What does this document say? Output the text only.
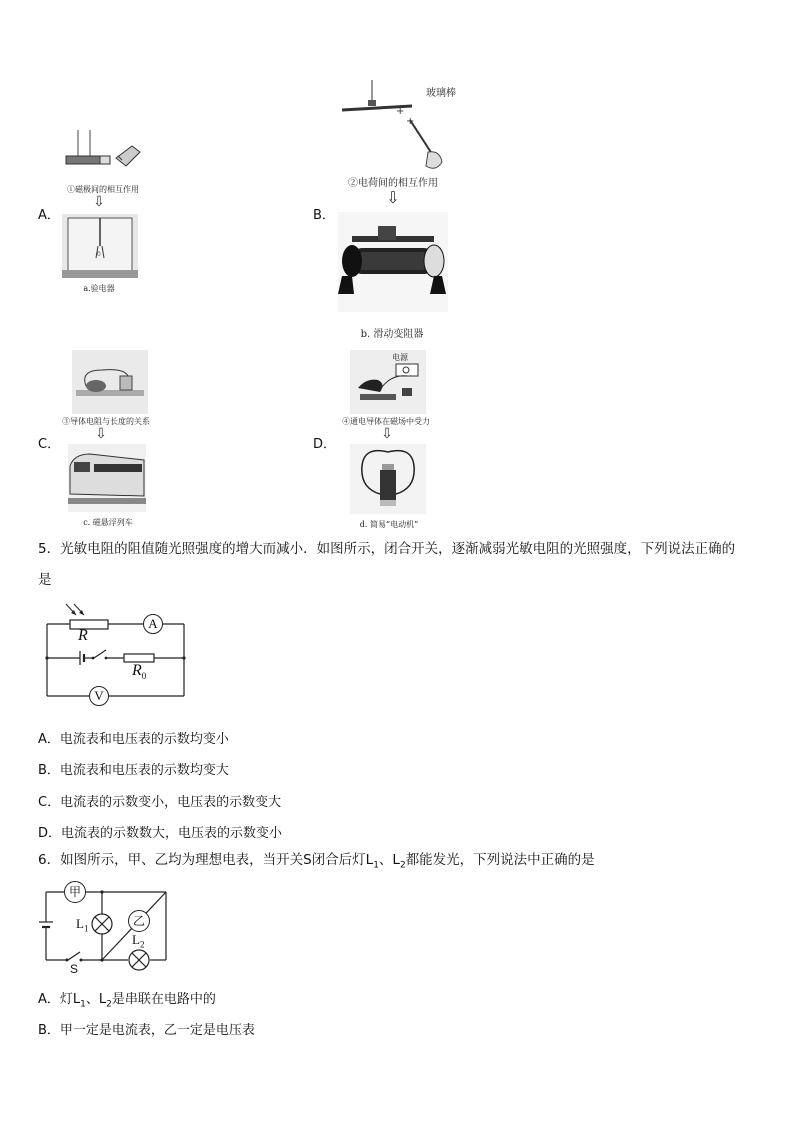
①磁极间的相互作用
A．
⇩
0
a.验电器
+
+
玻璃棒
②电荷间的相互作用
B．
⇩
b. 滑动变阻器
③导体电阻与长度的关系
C．
⇩
c. 磁悬浮列车
电源
④通电导体在磁场中受力
D．
⇩
d. 简易“电动机”
5．光敏电阻的阻值随光照强度的增大而减小．如图所示，闭合开关，逐渐减弱光敏电阻的光照强度，下列说法正确的
是
A
V
R
$R_0$
A．电流表和电压表的示数均变小
B．电流表和电压表的示数均变大
C．电流表的示数变小，电压表的示数变大
D．电流表的示数数大，电压表的示数变小
6．如图所示，甲、乙均为理想电表，当开关S闭合后灯$L_1$、$L_2$都能发光，下列说法中正确的是
甲
乙
$L_1$
$L_2$
S
A．灯$L_1$、$L_2$是串联在电路中的
B．甲一定是电流表，乙一定是电压表
